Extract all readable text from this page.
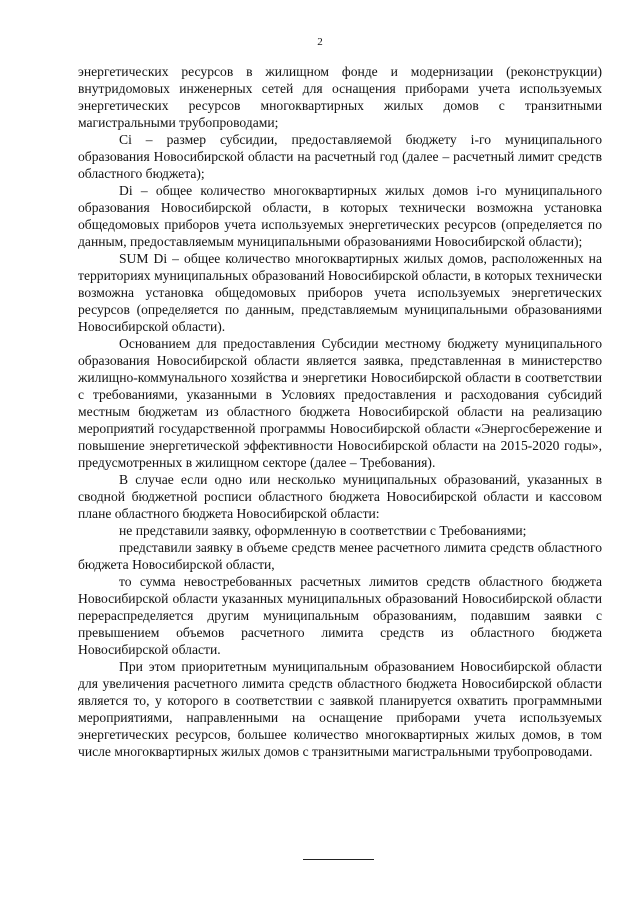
2

энергетических ресурсов в жилищном фонде и модернизации (реконструкции) внутридомовых инженерных сетей для оснащения приборами учета используемых энергетических ресурсов многоквартирных жилых домов с транзитными магистральными трубопроводами;

Ci – размер субсидии, предоставляемой бюджету i-го муниципального образования Новосибирской области на расчетный год (далее – расчетный лимит средств областного бюджета);

Di – общее количество многоквартирных жилых домов i-го муниципального образования Новосибирской области, в которых технически возможна установка общедомовых приборов учета используемых энергетических ресурсов (определяется по данным, предоставляемым муниципальными образованиями Новосибирской области);

SUM Di – общее количество многоквартирных жилых домов, расположенных на территориях муниципальных образований Новосибирской области, в которых технически возможна установка общедомовых приборов учета используемых энергетических ресурсов (определяется по данным, представляемым муниципальными образованиями Новосибирской области).

Основанием для предоставления Субсидии местному бюджету муниципального образования Новосибирской области является заявка, представленная в министерство жилищно-коммунального хозяйства и энергетики Новосибирской области в соответствии с требованиями, указанными в Условиях предоставления и расходования субсидий местным бюджетам из областного бюджета Новосибирской области на реализацию мероприятий государственной программы Новосибирской области «Энергосбережение и повышение энергетической эффективности Новосибирской области на 2015-2020 годы», предусмотренных в жилищном секторе (далее – Требования).

В случае если одно или несколько муниципальных образований, указанных в сводной бюджетной росписи областного бюджета Новосибирской области и кассовом плане областного бюджета Новосибирской области:

не представили заявку, оформленную в соответствии с Требованиями;

представили заявку в объеме средств менее расчетного лимита средств областного бюджета Новосибирской области,

то сумма невостребованных расчетных лимитов средств областного бюджета Новосибирской области указанных муниципальных образований Новосибирской области перераспределяется другим муниципальным образованиям, подавшим заявки с превышением объемов расчетного лимита средств из областного бюджета Новосибирской области.

При этом приоритетным муниципальным образованием Новосибирской области для увеличения расчетного лимита средств областного бюджета Новосибирской области является то, у которого в соответствии с заявкой планируется охватить программными мероприятиями, направленными на оснащение приборами учета используемых энергетических ресурсов, большее количество многоквартирных жилых домов, в том числе многоквартирных жилых домов с транзитными магистральными трубопроводами.
